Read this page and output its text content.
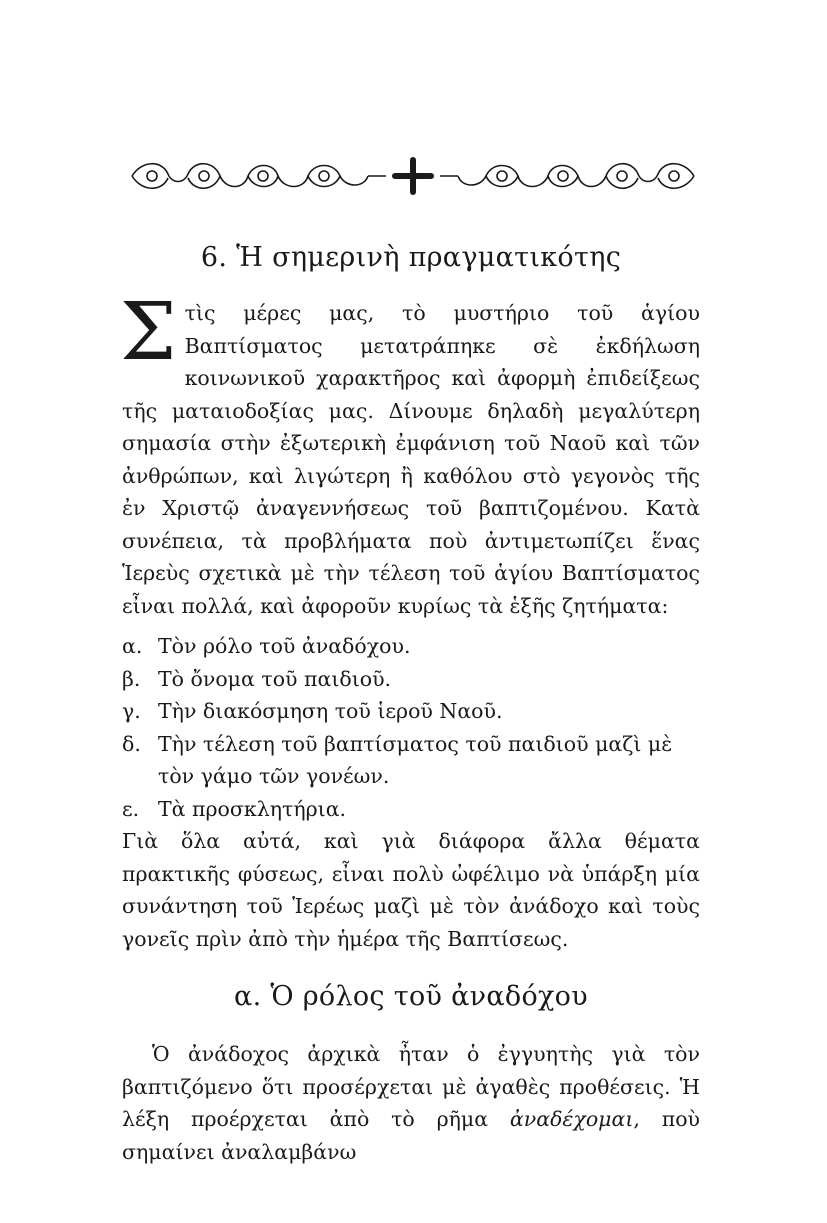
6. Ἡ σημερινὴ πραγματικότης

Στὶς μέρες μας, τὸ μυστήριο τοῦ ἁγίου Βαπτίσματος μετατράπηκε σὲ ἐκδήλωση κοινωνικοῦ χαρακτῆρος καὶ ἀφορμὴ ἐπιδείξεως τῆς ματαιοδοξίας μας. Δίνουμε δηλαδὴ μεγαλύτερη σημασία στὴν ἐξωτερικὴ ἐμφάνιση τοῦ Ναοῦ καὶ τῶν ἀνθρώπων, καὶ λιγώτερη ἢ καθόλου στὸ γεγονὸς τῆς ἐν Χριστῷ ἀναγεννήσεως τοῦ βαπτιζομένου. Κατὰ συνέπεια, τὰ προβλήματα ποὺ ἀντιμετωπίζει ἕνας Ἱερεὺς σχετικὰ μὲ τὴν τέλεση τοῦ ἁγίου Βαπτίσματος εἶναι πολλά, καὶ ἀφοροῦν κυρίως τὰ ἑξῆς ζητήματα:

α. Τὸν ρόλο τοῦ ἀναδόχου.
β. Τὸ ὄνομα τοῦ παιδιοῦ.
γ. Τὴν διακόσμηση τοῦ ἱεροῦ Ναοῦ.
δ. Τὴν τέλεση τοῦ βαπτίσματος τοῦ παιδιοῦ μαζὶ μὲ τὸν γάμο τῶν γονέων.
ε. Τὰ προσκλητήρια.

Γιὰ ὅλα αὐτά, καὶ γιὰ διάφορα ἄλλα θέματα πρακτικῆς φύσεως, εἶναι πολὺ ὠφέλιμο νὰ ὑπάρξη μία συνάντηση τοῦ Ἱερέως μαζὶ μὲ τὸν ἀνάδοχο καὶ τοὺς γονεῖς πρὶν ἀπὸ τὴν ἡμέρα τῆς Βαπτίσεως.

α. Ὁ ρόλος τοῦ ἀναδόχου

Ὁ ἀνάδοχος ἀρχικὰ ἦταν ὁ ἐγγυητὴς γιὰ τὸν βαπτιζόμενο ὅτι προσέρχεται μὲ ἀγαθὲς προθέσεις. Ἡ λέξη προέρχεται ἀπὸ τὸ ρῆμα ἀναδέχομαι, ποὺ σημαίνει ἀναλαμβάνω
